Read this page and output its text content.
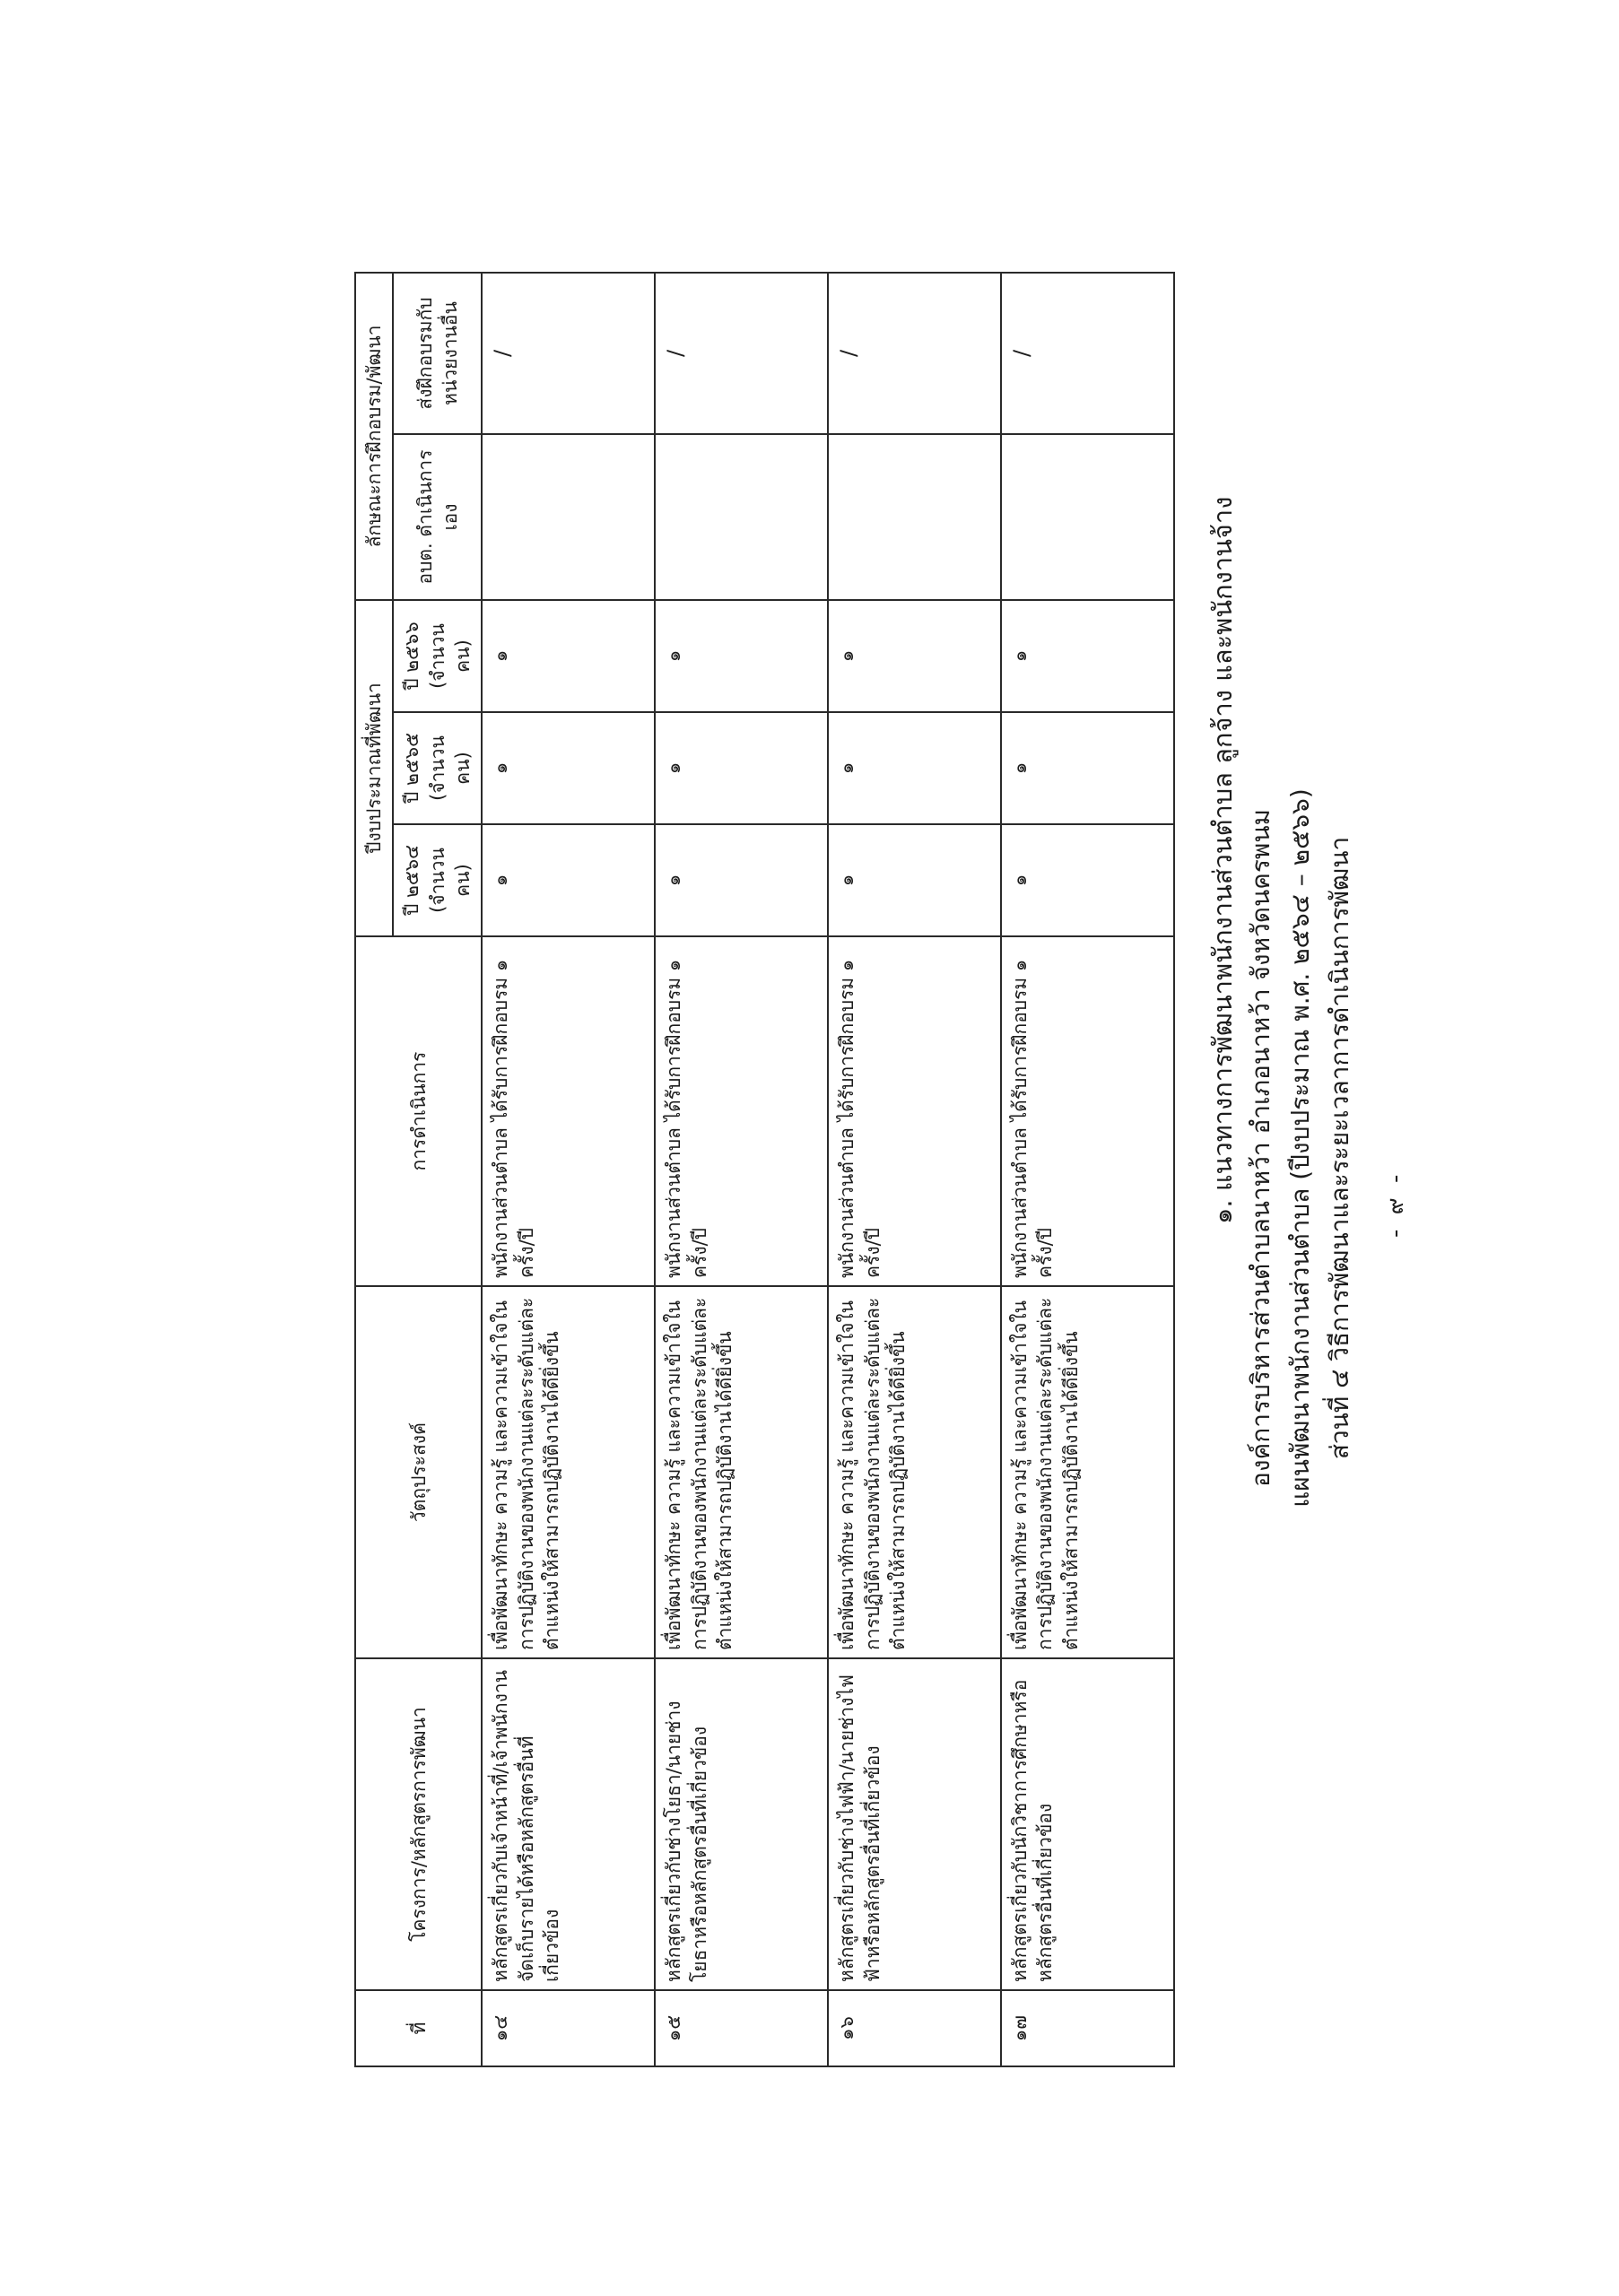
- ๙ -
ส่วนที่ ๔ วิธีการพัฒนาและระยะเวลาการดำเนินการพัฒนา
แผนพัฒนาพนักงานส่วนตำบล (ปีงบประมาณ พ.ศ. ๒๕๖๔ – ๒๕๖๖)
องค์การบริหารส่วนตำบลนาหว้า อำเภอนาหว้า จังหวัดนครพนม
๑. แนวทางการพัฒนาพนักงานส่วนตำบล ลูกจ้าง และพนักงานจ้าง
ที่	โครงการ/หลักสูตรการพัฒนา	วัตถุประสงค์	การดำเนินการ	ปีงบประมาณที่พัฒนา			ลักษณะการฝึกอบรม/พัฒนา	
				ปี ๒๕๖๔ (จำนวน คน)	ปี ๒๕๖๕ (จำนวน คน)	ปี ๒๕๖๖ (จำนวน คน)	อบต. ดำเนินการเอง	ส่งฝึกอบรมกับหน่วยงานอื่น
๑๔	หลักสูตรเกี่ยวกับเจ้าหน้าที่/เจ้าพนักงานจัดเก็บรายได้หรือหลักสูตรอื่นที่เกี่ยวข้อง	เพื่อพัฒนาทักษะ ความรู้ และความเข้าใจในการปฏิบัติงานของพนักงานแต่ละระดับแต่ละตำแหน่งให้สามารถปฏิบัติงานได้ดียิ่งขึ้น	พนักงานส่วนตำบล ได้รับการฝึกอบรม ๑ ครั้ง/ปี	๑	๑	๑		/
๑๕	หลักสูตรเกี่ยวกับช่างโยธา/นายช่างโยธาหรือหลักสูตรอื่นที่เกี่ยวข้อง	เพื่อพัฒนาทักษะ ความรู้ และความเข้าใจในการปฏิบัติงานของพนักงานแต่ละระดับแต่ละตำแหน่งให้สามารถปฏิบัติงานได้ดียิ่งขึ้น	พนักงานส่วนตำบล ได้รับการฝึกอบรม ๑ ครั้ง/ปี	๑	๑	๑		/
๑๖	หลักสูตรเกี่ยวกับช่างไฟฟ้า/นายช่างไฟฟ้าหรือหลักสูตรอื่นที่เกี่ยวข้อง	เพื่อพัฒนาทักษะ ความรู้ และความเข้าใจในการปฏิบัติงานของพนักงานแต่ละระดับแต่ละตำแหน่งให้สามารถปฏิบัติงานได้ดียิ่งขึ้น	พนักงานส่วนตำบล ได้รับการฝึกอบรม ๑ ครั้ง/ปี	๑	๑	๑		/
๑๗	หลักสูตรเกี่ยวกับนักวิชาการศึกษาหรือหลักสูตรอื่นที่เกี่ยวข้อง	เพื่อพัฒนาทักษะ ความรู้ และความเข้าใจในการปฏิบัติงานของพนักงานแต่ละระดับแต่ละตำแหน่งให้สามารถปฏิบัติงานได้ดียิ่งขึ้น	พนักงานส่วนตำบล ได้รับการฝึกอบรม ๑ ครั้ง/ปี	๑	๑	๑		/
